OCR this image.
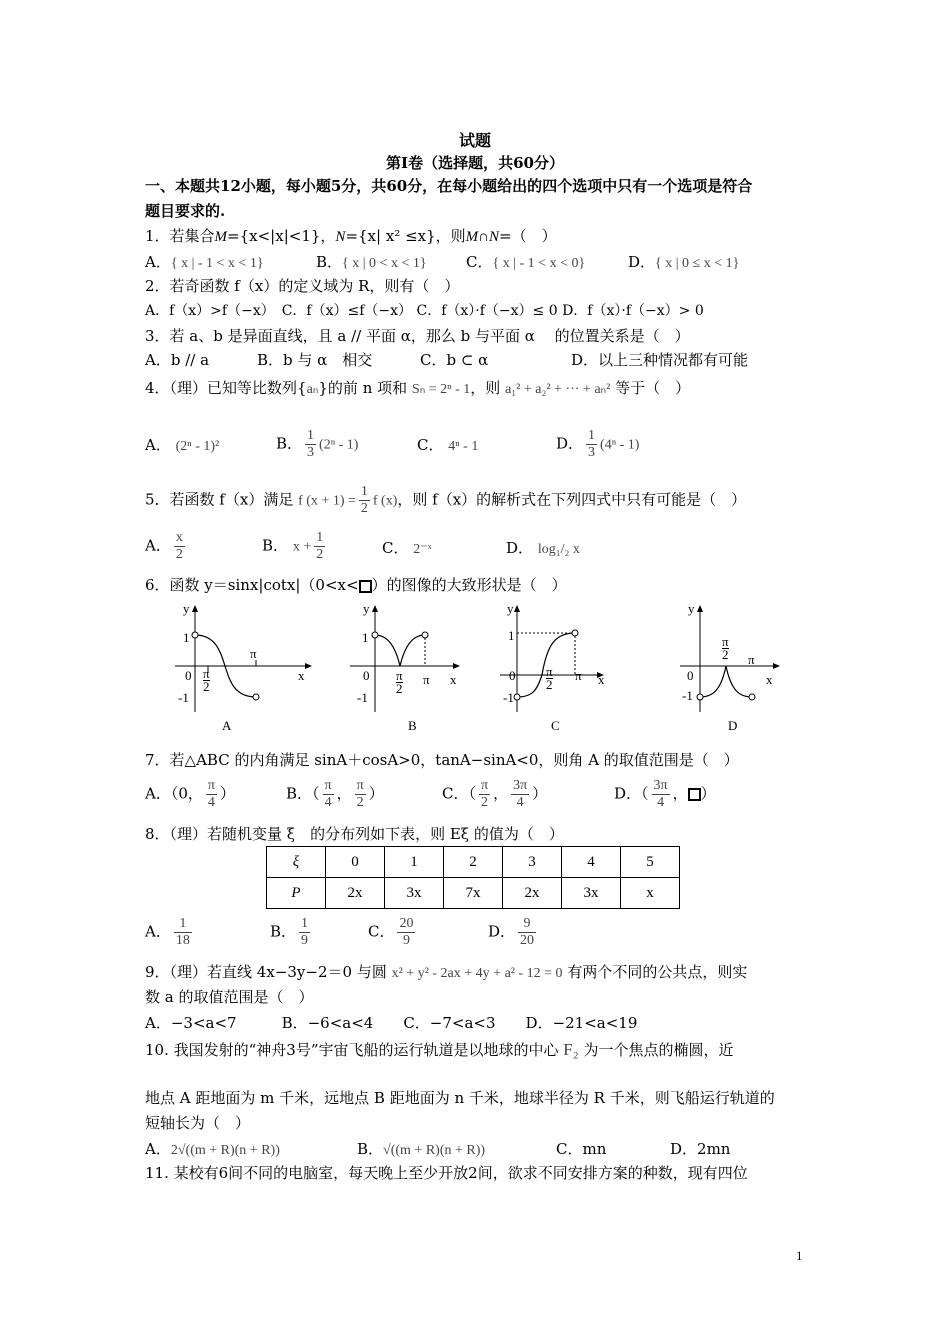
试题
第Ⅰ卷（选择题，共60分）
一、本题共12小题，每小题5分，共60分，在每小题给出的四个选项中只有一个选项是符合
题目要求的.
1．若集合M={x<|x|<1}，N={x| x² ≤x}，则M∩N=（　）
A．{ x | - 1 < x < 1}	B．{ x | 0 < x < 1}	C．{ x | - 1 < x < 0}	D．{ x | 0 ≤ x < 1}
2．若奇函数 f（x）的定义域为 R，则有（　）
A．f（x）>f（−x）　C．f（x）≤f（−x） C．f（x）·f（−x）≤ 0 D．f（x）·f（−x）> 0
3．若 a、b 是异面直线，且 a // 平面 α，那么 b 与平面 α 　的位置关系是（　）
A．b // a	B．b 与 α　相交	C．b ⊂ α	D．以上三种情况都有可能
4．（理）已知等比数列{aₙ}的前 n 项和 Sₙ = 2ⁿ - 1，则 a₁² + a₂² + ··· + aₙ² 等于（　）
A． (2ⁿ - 1)²	B． $\frac{1}{3} (2^n - 1)$	C． 4ⁿ - 1	D． $\frac{1}{3} (4^n - 1)$
5．若函数 f（x）满足 f $(x + 1) = \frac{1}{2}$ f (x)，则 f（x）的解析式在下列四式中只有可能是（　）
A． $\frac{x}{2}$	B． $x + \frac{1}{2}$	C． 2⁻ˣ	D． log₁/₂ x
6．函数 y＝sinx|cotx|（0<x< ）的图像的大致形状是（　）
y
1
0
-1
π
π
2
x
A
y
1
0
-1
π
2
π x
B
y
1
0
-1
π
2
π x
C
y
0
-1
π
2 π
x
D
7．若△ABC 的内角满足 sinA＋cosA>0，tanA−sinA<0，则角 A 的取值范围是（　）
A．（0， $\frac{\pi}{4}$ ）	B．（ $\frac{\pi}{4}$ ， $\frac{\pi}{2}$ ）	C．（ $\frac{\pi}{2}$ ， $\frac{3\pi}{4}$ ）	D．（ $\frac{3\pi}{4}$ ， ）
8．（理）若随机变量 ξ　的分布列如下表，则 Eξ 的值为（　）
ξ	0	1	2	3	4	5
P	2x	3x	7x	2x	3x	x
A． $\frac{1}{18}$	B． $\frac{1}{9}$	C． $\frac{20}{9}$	D． $\frac{9}{20}$
9．（理）若直线 4x−3y−2＝0 与圆 x² + y² - 2ax + 4y + a² - 12 = 0 有两个不同的公共点，则实
数 a 的取值范围是（　）
A．−3<a<7　　　B．−6<a<4　　C．−7<a<3　　D．−21<a<19
10. 我国发射的“神舟3号”宇宙飞船的运行轨道是以地球的中心 F₂ 为一个焦点的椭圆，近
地点 A 距地面为 m 千米，远地点 B 距地面为 n 千米，地球半径为 R 千米，则飞船运行轨道的
短轴长为（　）
A．2√((m + R)(n + R))	B．√((m + R)(n + R))	C．mn	D．2mn
11. 某校有6间不同的电脑室，每天晚上至少开放2间，欲求不同安排方案的种数，现有四位
1
